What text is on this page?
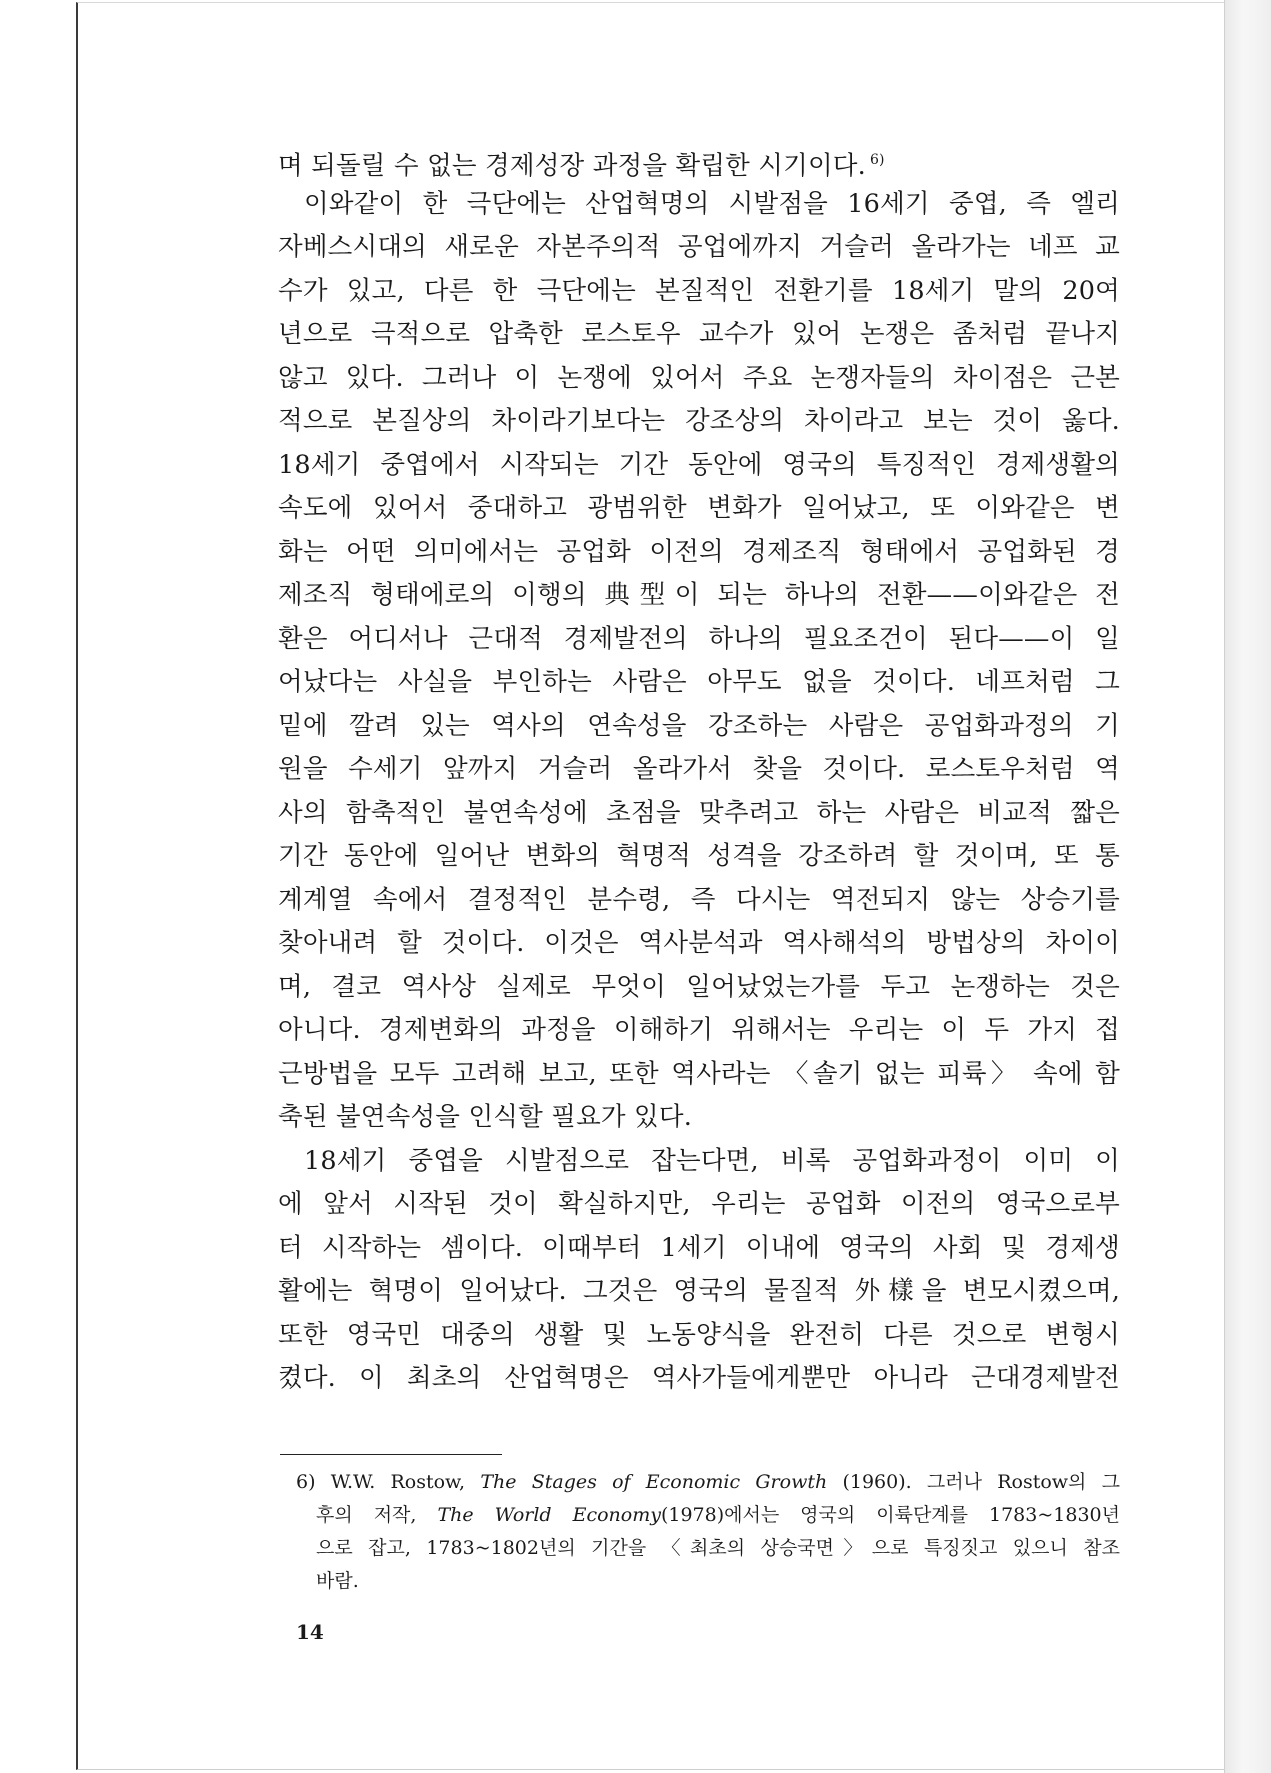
며 되돌릴 수 없는 경제성장 과정을 확립한 시기이다. $^{6)}$
이와같이 한 극단에는 산업혁명의 시발점을 16세기 중엽, 즉 엘리
자베스시대의 새로운 자본주의적 공업에까지 거슬러 올라가는 네프 교
수가 있고, 다른 한 극단에는 본질적인 전환기를 18세기 말의 20여
년으로 극적으로 압축한 로스토우 교수가 있어 논쟁은 좀처럼 끝나지
않고 있다. 그러나 이 논쟁에 있어서 주요 논쟁자들의 차이점은 근본
적으로 본질상의 차이라기보다는 강조상의 차이라고 보는 것이 옳다.
18세기 중엽에서 시작되는 기간 동안에 영국의 특징적인 경제생활의
속도에 있어서 중대하고 광범위한 변화가 일어났고, 또 이와같은 변
화는 어떤 의미에서는 공업화 이전의 경제조직 형태에서 공업화된 경
제조직 형태에로의 이행의 典型이 되는 하나의 전환——이와같은 전
환은 어디서나 근대적 경제발전의 하나의 필요조건이 된다——이 일
어났다는 사실을 부인하는 사람은 아무도 없을 것이다. 네프처럼 그
밑에 깔려 있는 역사의 연속성을 강조하는 사람은 공업화과정의 기
원을 수세기 앞까지 거슬러 올라가서 찾을 것이다. 로스토우처럼 역
사의 함축적인 불연속성에 초점을 맞추려고 하는 사람은 비교적 짧은
기간 동안에 일어난 변화의 혁명적 성격을 강조하려 할 것이며, 또 통
계계열 속에서 결정적인 분수령, 즉 다시는 역전되지 않는 상승기를
찾아내려 할 것이다. 이것은 역사분석과 역사해석의 방법상의 차이이
며, 결코 역사상 실제로 무엇이 일어났었는가를 두고 논쟁하는 것은
아니다. 경제변화의 과정을 이해하기 위해서는 우리는 이 두 가지 접
근방법을 모두 고려해 보고, 또한 역사라는 〈솔기 없는 피륙〉 속에 함
축된 불연속성을 인식할 필요가 있다.
18세기 중엽을 시발점으로 잡는다면, 비록 공업화과정이 이미 이
에 앞서 시작된 것이 확실하지만, 우리는 공업화 이전의 영국으로부
터 시작하는 셈이다. 이때부터 1세기 이내에 영국의 사회 및 경제생
활에는 혁명이 일어났다. 그것은 영국의 물질적 外樣을 변모시켰으며,
또한 영국민 대중의 생활 및 노동양식을 완전히 다른 것으로 변형시
켰다. 이 최초의 산업혁명은 역사가들에게뿐만 아니라 근대경제발전
6) W.W. Rostow, The Stages of Economic Growth (1960). 그러나 Rostow의 그
후의 저작, The World Economy(1978)에서는 영국의 이륙단계를 1783~1830년
으로 잡고, 1783~1802년의 기간을 〈최초의 상승국면〉으로 특징짓고 있으니 참조
바람.
14
